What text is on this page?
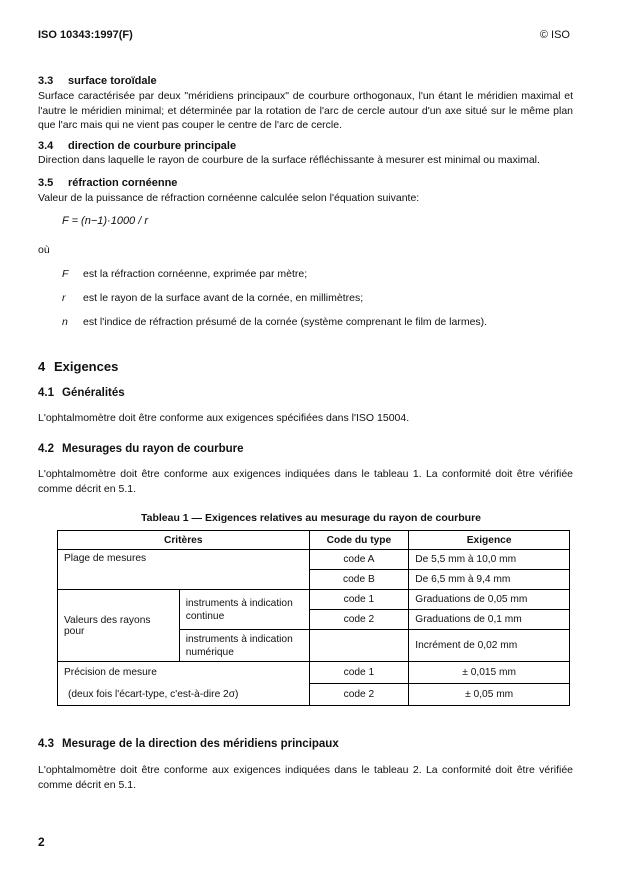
ISO 10343:1997(F)	© ISO
3.3 surface toroïdale
Surface caractérisée par deux "méridiens principaux" de courbure orthogonaux, l'un étant le méridien maximal et l'autre le méridien minimal; et déterminée par la rotation de l'arc de cercle autour d'un axe situé sur le même plan que l'arc mais qui ne vient pas couper le centre de l'arc de cercle.
3.4 direction de courbure principale
Direction dans laquelle le rayon de courbure de la surface réfléchissante à mesurer est minimal ou maximal.
3.5 réfraction cornéenne
Valeur de la puissance de réfraction cornéenne calculée selon l'équation suivante:
F = (n−1)·1000 / r
où
F est la réfraction cornéenne, exprimée par mètre;
r est le rayon de la surface avant de la cornée, en millimètres;
n est l'indice de réfraction présumé de la cornée (système comprenant le film de larmes).
4 Exigences
4.1 Généralités
L'ophtalmomètre doit être conforme aux exigences spécifiées dans l'ISO 15004.
4.2 Mesurages du rayon de courbure
L'ophtalmomètre doit être conforme aux exigences indiquées dans le tableau 1. La conformité doit être vérifiée comme décrit en 5.1.
Tableau 1 — Exigences relatives au mesurage du rayon de courbure
Critères		Code du type	Exigence
Plage de mesures		code A	De 5,5 mm à 10,0 mm
		code B	De 6,5 mm à 9,4 mm
Valeurs des rayons pour	instruments à indication continue	code 1	Graduations de 0,05 mm
		code 2	Graduations de 0,1 mm
	instruments à indication numérique		Incrément de 0,02 mm
Précision de mesure		code 1	± 0,015 mm
(deux fois l'écart-type, c'est-à-dire 2σ)		code 2	± 0,05 mm
4.3 Mesurage de la direction des méridiens principaux
L'ophtalmomètre doit être conforme aux exigences indiquées dans le tableau 2. La conformité doit être vérifiée comme décrit en 5.1.
2
